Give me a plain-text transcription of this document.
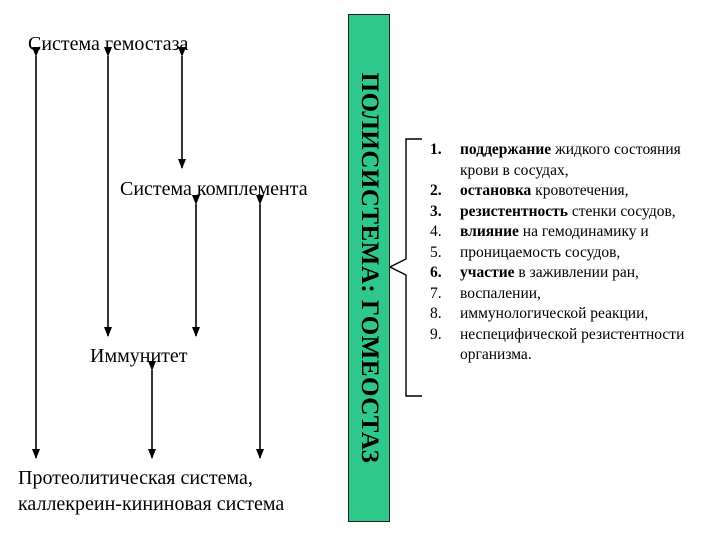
Система гемостаза
Система комплемента
Иммунитет
Протеолитическая система,
каллекреин-кининовая система
ПОЛИСИСТЕМА: ГОМЕОСТАЗ	1. поддержание жидкого состояния крови в сосудах,
2. остановка кровотечения,
3. резистентность стенки сосудов,
4. влияние на гемодинамику и
5. проницаемость сосудов,
6. участие в заживлении ран,
7. воспалении,
8. иммунологической реакции,
9. неспецифической резистентности организма.
